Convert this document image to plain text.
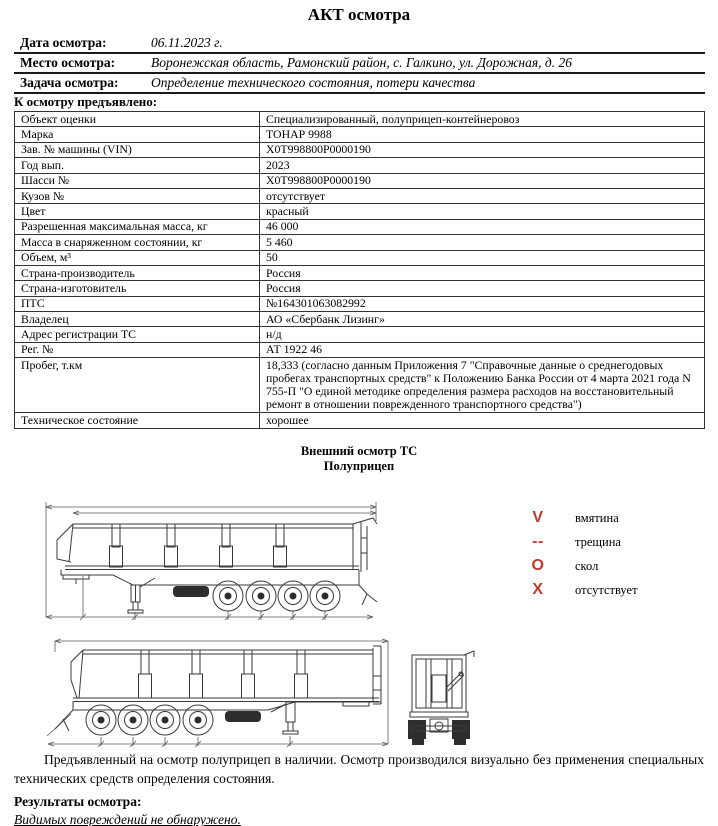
АКТ осмотра
Дата осмотра:	06.11.2023 г.
Место осмотра:	Воронежская область, Рамонский район, с. Галкино, ул. Дорожная, д. 26
Задача осмотра:	Определение технического состояния, потери качества
К осмотру предъявлено:
Объект оценки	Специализированный, полуприцеп-контейнеровоз
Марка	ТОНАР 9988
Зав. № машины (VIN)	X0T998800P0000190
Год вып.	2023
Шасси №	X0T998800P0000190
Кузов №	отсутствует
Цвет	красный
Разрешенная максимальная масса, кг	46 000
Масса в снаряженном состоянии, кг	5 460
Объем, м³	50
Страна-производитель	Россия
Страна-изготовитель	Россия
ПТС	№164301063082992
Владелец	АО «Сбербанк Лизинг»
Адрес регистрации ТС	н/д
Рег. №	АТ 1922 46
Пробег, т.км	18,333 (согласно данным Приложения 7 "Справочные данные о среднегодовых пробегах транспортных средств" к Положению Банка России от 4 марта 2021 года N 755-П "О единой методике определения размера расходов на восстановительный ремонт в отношении поврежденного транспортного средства")
Техническое состояние	хорошее
Внешний осмотр ТС
Полуприцеп
V	вмятина
--	трещина
O	скол
X	отсутствует

Предъявленный на осмотр полуприцеп в наличии. Осмотр производился визуально без применения специальных технических средств определения состояния.

Результаты осмотра:
Видимых повреждений не обнаружено.
